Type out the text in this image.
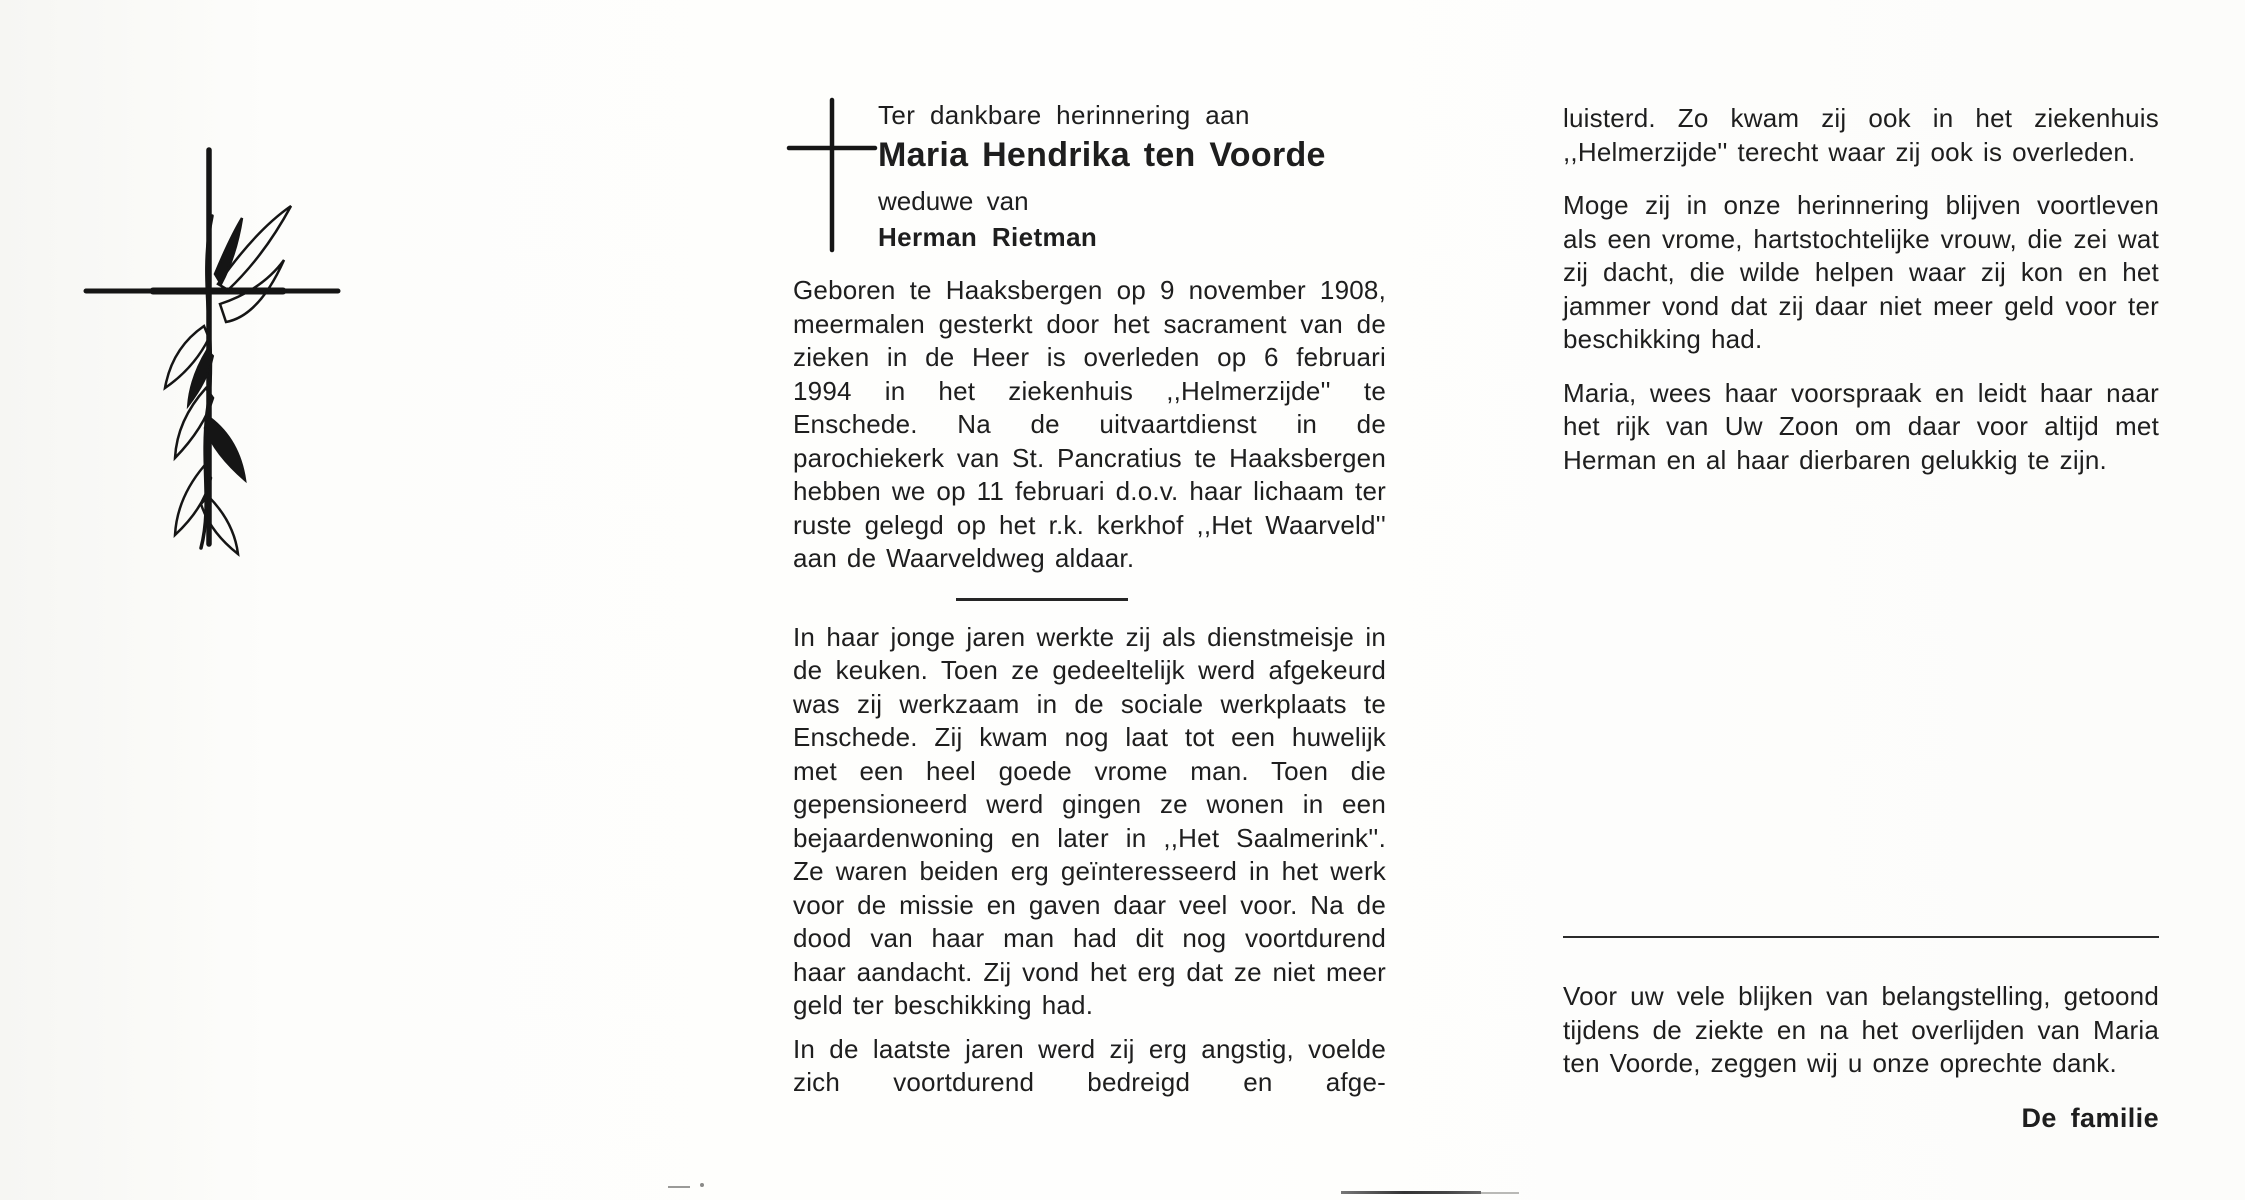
Ter dankbare herinnering aan
Maria Hendrika ten Voorde
weduwe van
Herman Rietman

Geboren te Haaksbergen op 9 november 1908, meermalen gesterkt door het sacrament van de zieken in de Heer is overleden op 6 februari 1994 in het ziekenhuis ,,Helmerzijde'' te Enschede. Na de uitvaartdienst in de parochiekerk van St. Pancratius te Haaksbergen hebben we op 11 februari d.o.v. haar lichaam ter ruste gelegd op het r.k. kerkhof ,,Het Waarveld'' aan de Waarveldweg aldaar.

In haar jonge jaren werkte zij als dienstmeisje in de keuken. Toen ze gedeeltelijk werd afgekeurd was zij werkzaam in de sociale werkplaats te Enschede. Zij kwam nog laat tot een huwelijk met een heel goede vrome man. Toen die gepensioneerd werd gingen ze wonen in een bejaardenwoning en later in ,,Het Saalmerink''. Ze waren beiden erg geïnteresseerd in het werk voor de missie en gaven daar veel voor. Na de dood van haar man had dit nog voortdurend haar aandacht. Zij vond het erg dat ze niet meer geld ter beschikking had.

In de laatste jaren werd zij erg angstig, voelde zich voortdurend bedreigd en afge-

luisterd. Zo kwam zij ook in het ziekenhuis ,,Helmerzijde'' terecht waar zij ook is overleden.

Moge zij in onze herinnering blijven voortleven als een vrome, hartstochtelijke vrouw, die zei wat zij dacht, die wilde helpen waar zij kon en het jammer vond dat zij daar niet meer geld voor ter beschikking had.

Maria, wees haar voorspraak en leidt haar naar het rijk van Uw Zoon om daar voor altijd met Herman en al haar dierbaren gelukkig te zijn.

Voor uw vele blijken van belangstelling, getoond tijdens de ziekte en na het overlijden van Maria ten Voorde, zeggen wij u onze oprechte dank.

De familie
